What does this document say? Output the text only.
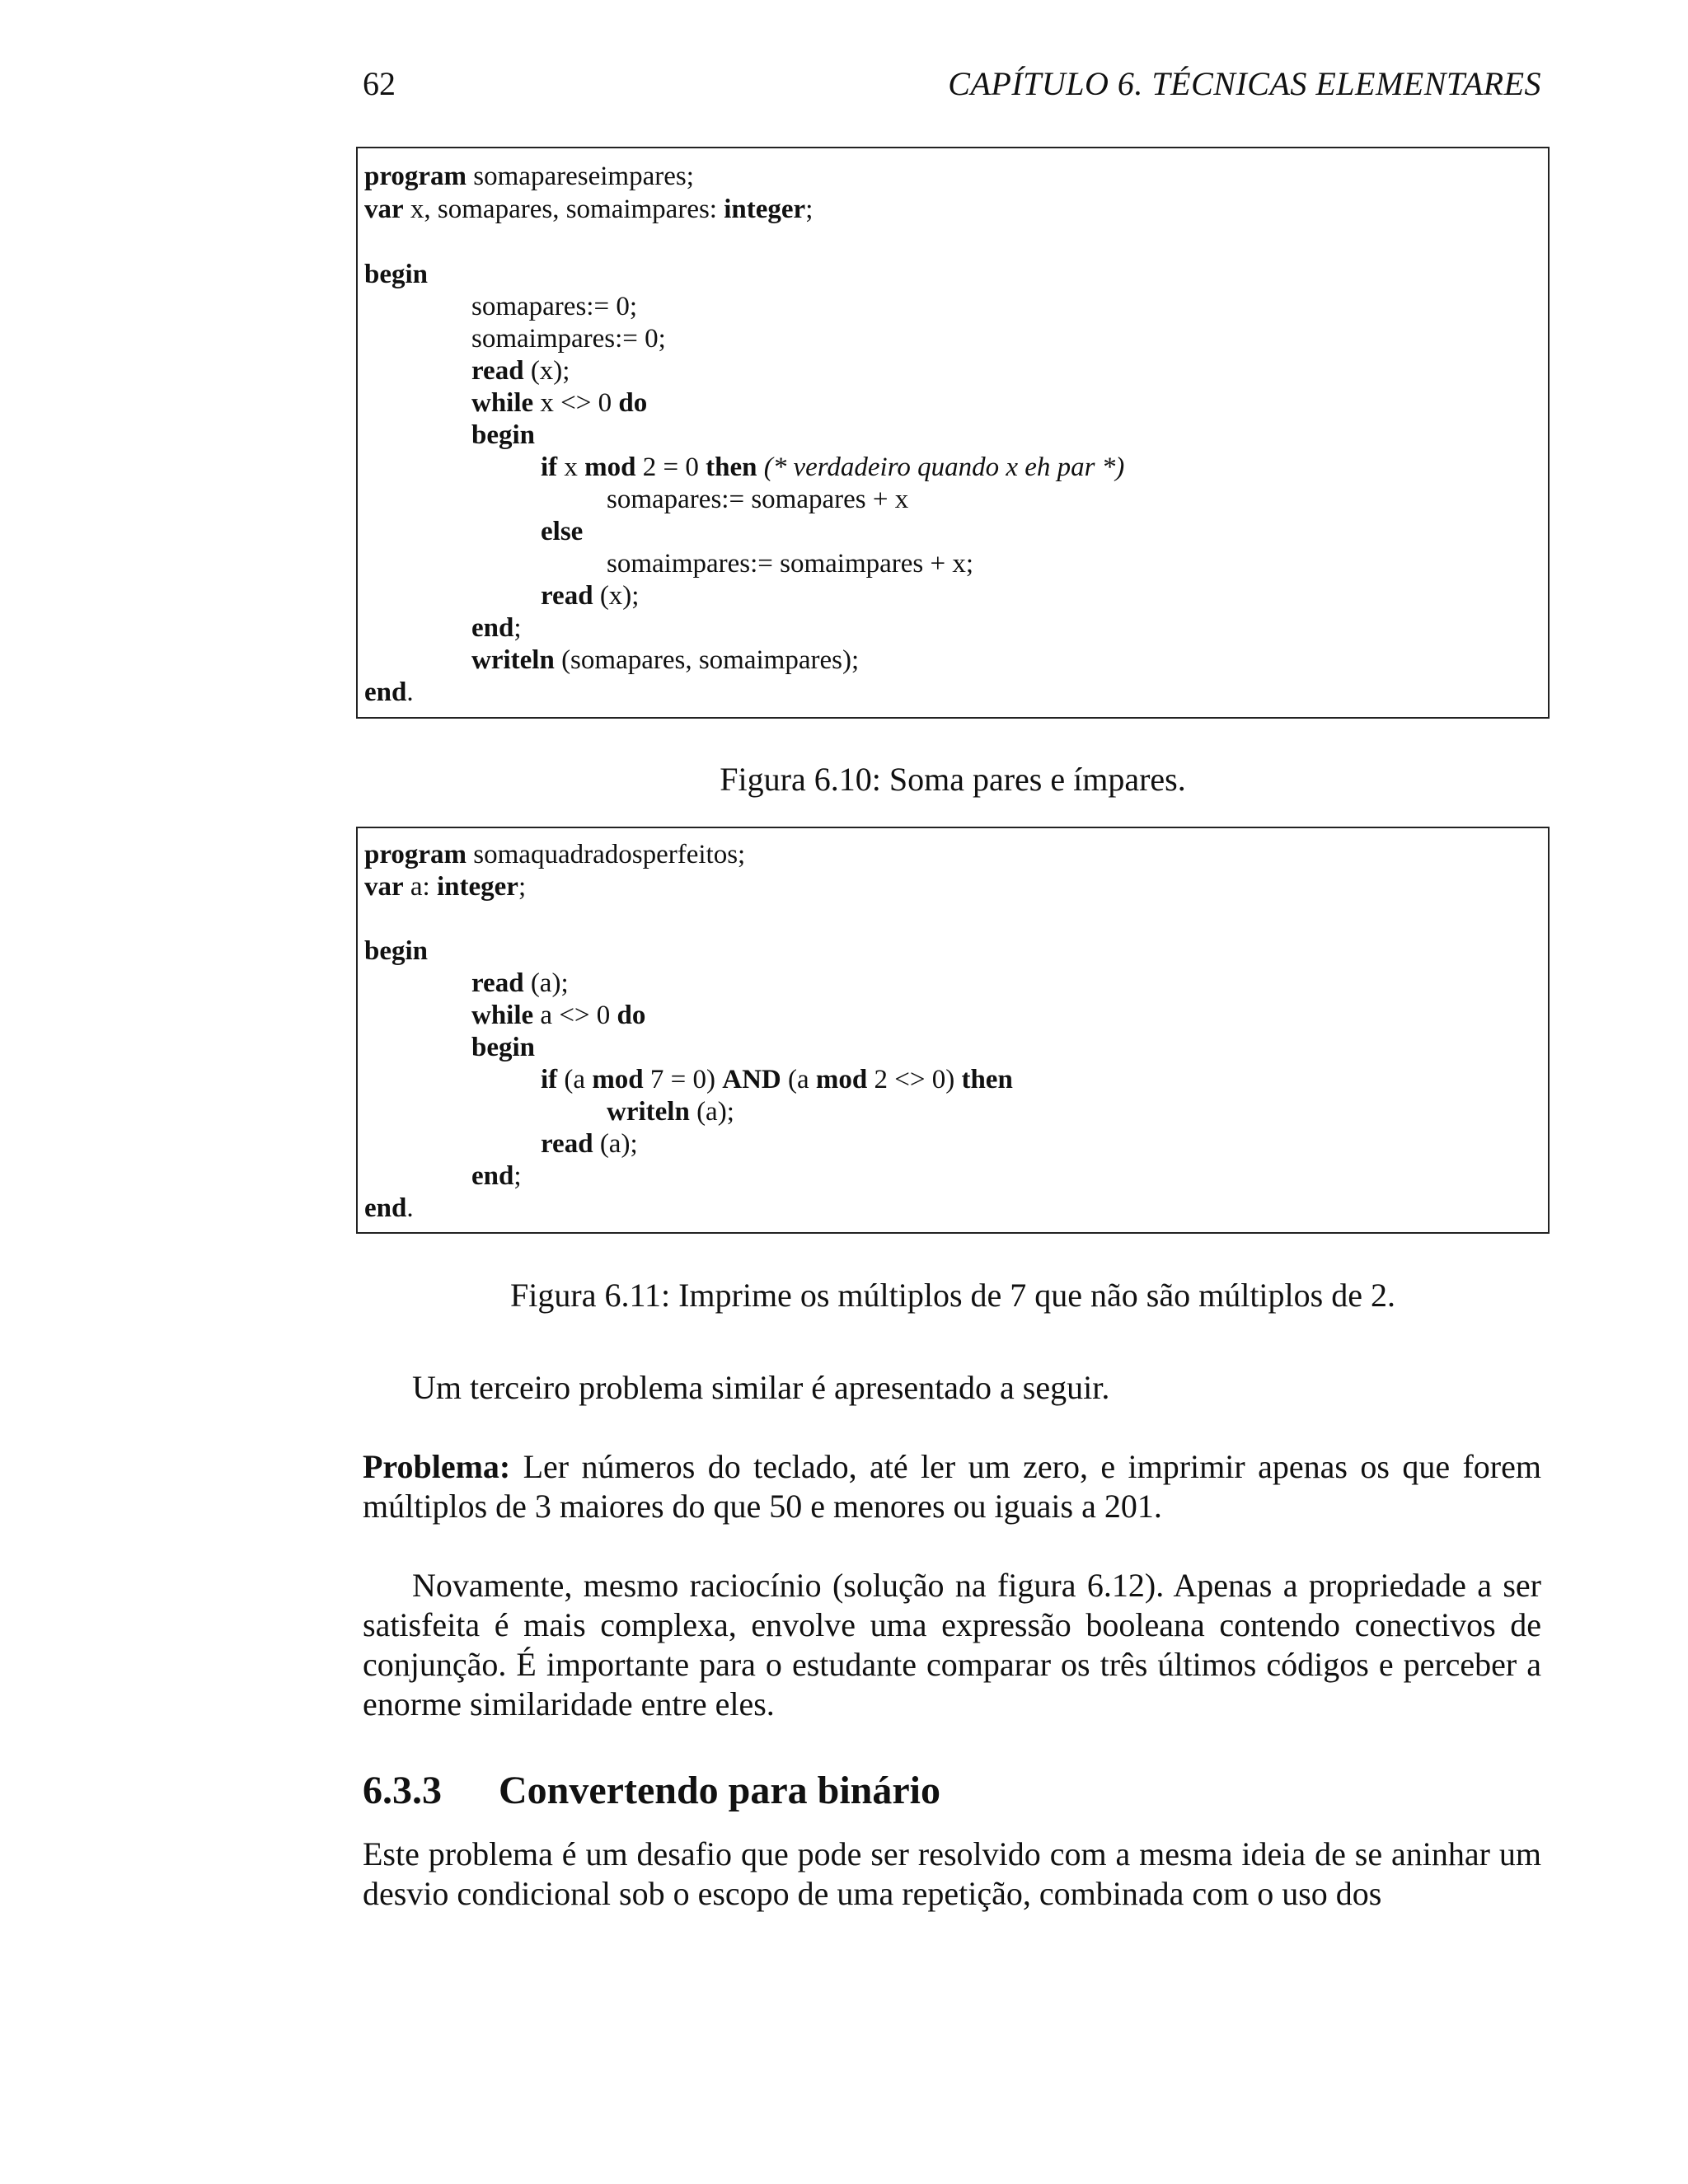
62	CAPÍTULO 6. TÉCNICAS ELEMENTARES
program somapareseimpares;
var x, somapares, somaimpares: integer;
begin
somapares:= 0;
somaimpares:= 0;
read (x);
while x <> 0 do
begin
if x mod 2 = 0 then (* verdadeiro quando x eh par *)
somapares:= somapares + x
else
somaimpares:= somaimpares + x;
read (x);
end;
writeln (somapares, somaimpares);
end.
Figura 6.10: Soma pares e ímpares.
program somaquadradosperfeitos;
var a: integer;
begin
read (a);
while a <> 0 do
begin
if (a mod 7 = 0) AND (a mod 2 <> 0) then
writeln (a);
read (a);
end;
end.
Figura 6.11: Imprime os múltiplos de 7 que não são múltiplos de 2.
Um terceiro problema similar é apresentado a seguir.
Problema: Ler números do teclado, até ler um zero, e imprimir apenas os que forem múltiplos de 3 maiores do que 50 e menores ou iguais a 201.
Novamente, mesmo raciocínio (solução na figura 6.12). Apenas a propriedade a ser satisfeita é mais complexa, envolve uma expressão booleana contendo conectivos de conjunção. É importante para o estudante comparar os três últimos códigos e perceber a enorme similaridade entre eles.
6.3.3 Convertendo para binário
Este problema é um desafio que pode ser resolvido com a mesma ideia de se aninhar um desvio condicional sob o escopo de uma repetição, combinada com o uso dos
